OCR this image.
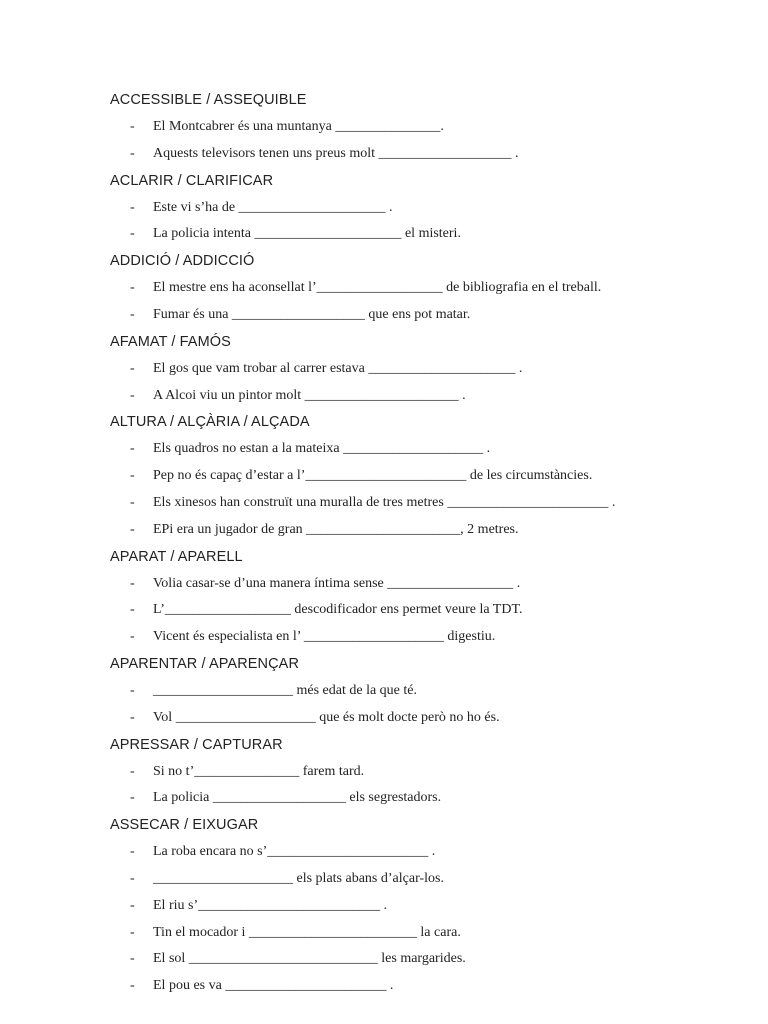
ACCESSIBLE / ASSEQUIBLE
- El Montcabrer és una muntanya _______________.
- Aquests televisors tenen uns preus molt ___________________ .
ACLARIR / CLARIFICAR
- Este vi s’ha de _____________________ .
- La policia intenta _____________________ el misteri.
ADDICIÓ / ADDICCIÓ
- El mestre ens ha aconsellat l’__________________ de bibliografia en el treball.
- Fumar és una ___________________ que ens pot matar.
AFAMAT / FAMÓS
- El gos que vam trobar al carrer estava _____________________ .
- A Alcoi viu un pintor molt ______________________ .
ALTURA / ALÇÀRIA / ALÇADA
- Els quadros no estan a la mateixa ____________________ .
- Pep no és capaç d’estar a l’_______________________ de les circumstàncies.
- Els xinesos han construït una muralla de tres metres _______________________ .
- EPi era un jugador de gran ______________________, 2 metres.
APARAT / APARELL
- Volia casar-se d’una manera íntima sense __________________ .
- L’__________________ descodificador ens permet veure la TDT.
- Vicent és especialista en l’ ____________________ digestiu.
APARENTAR / APARENÇAR
- ____________________ més edat de la que té.
- Vol ____________________ que és molt docte però no ho és.
APRESSAR / CAPTURAR
- Si no t’_______________ farem tard.
- La policia ___________________ els segrestadors.
ASSECAR / EIXUGAR
- La roba encara no s’_______________________ .
- ____________________ els plats abans d’alçar-los.
- El riu s’__________________________ .
- Tin el mocador i ________________________ la cara.
- El sol ___________________________ les margarides.
- El pou es va _______________________ .
